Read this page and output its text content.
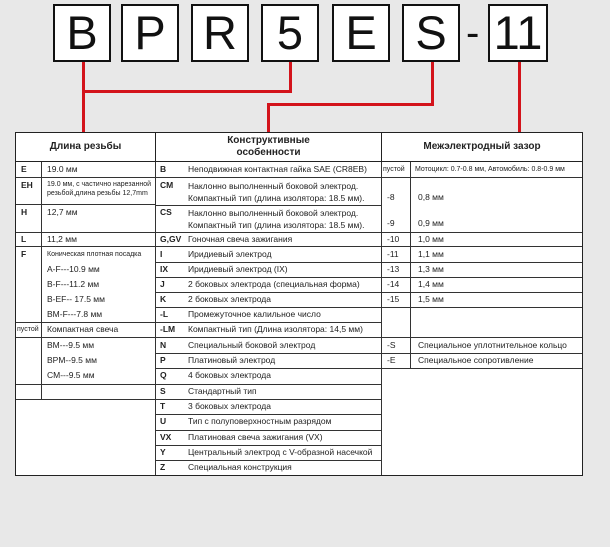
B P R 5 E S - 11
Длина резьбы
Конструктивные особенности
Межэлектродный зазор
E 19.0 мм
EH 19.0 мм, с частично нарезанной резьбой,длина резьбы 12,7mm
H 12,7 мм
L 11,2 мм
F	Коническая плотная посадка
A-F---10.9 мм
B-F---11.2 мм
B-EF-- 17.5 мм
BM-F---7.8 мм
пустой Компактная свеча
BM---9.5 мм
BPM--9.5 мм
CM---9.5 мм
B	Неподвижная контактная гайка SAE (CR8EB)
CM Наклонно выполненный боковой электрод. Компактный тип (длина изолятора: 18.5 мм).
CS Наклонно выполненный боковой электрод. Компактный тип (длина изолятора: 18.5 мм).
G,GV Гоночная свеча зажигания
I	Иридиевый электрод
IX Иридиевый электрод (IX)
J	2 боковых электрода (специальная форма)
K	2 боковых электрода
-L Промежуточное калильное число
-LM Компактный тип (Длина изолятора: 14,5 мм)
N	Специальный боковой электрод
P	Платиновый электрод
Q	4 боковых электрода
S	Стандартный тип
T	3 боковых электрода
U	Тип с полуповерхностным разрядом
VX Платиновая свеча зажигания (VX)
Y	Центральный электрод с V-образной насечкой
Z	Специальная конструкция
пустой Мотоцикл: 0.7-0.8 мм, Автомобиль: 0.8-0.9 мм
-8	0,8 мм
-9	0,9 мм
-10 1,0 мм
-11 1,1 мм
-13 1,3 мм
-14 1,4 мм
-15 1,5 мм
-S	Специальное уплотнительное кольцо
-E	Специальное сопротивление
